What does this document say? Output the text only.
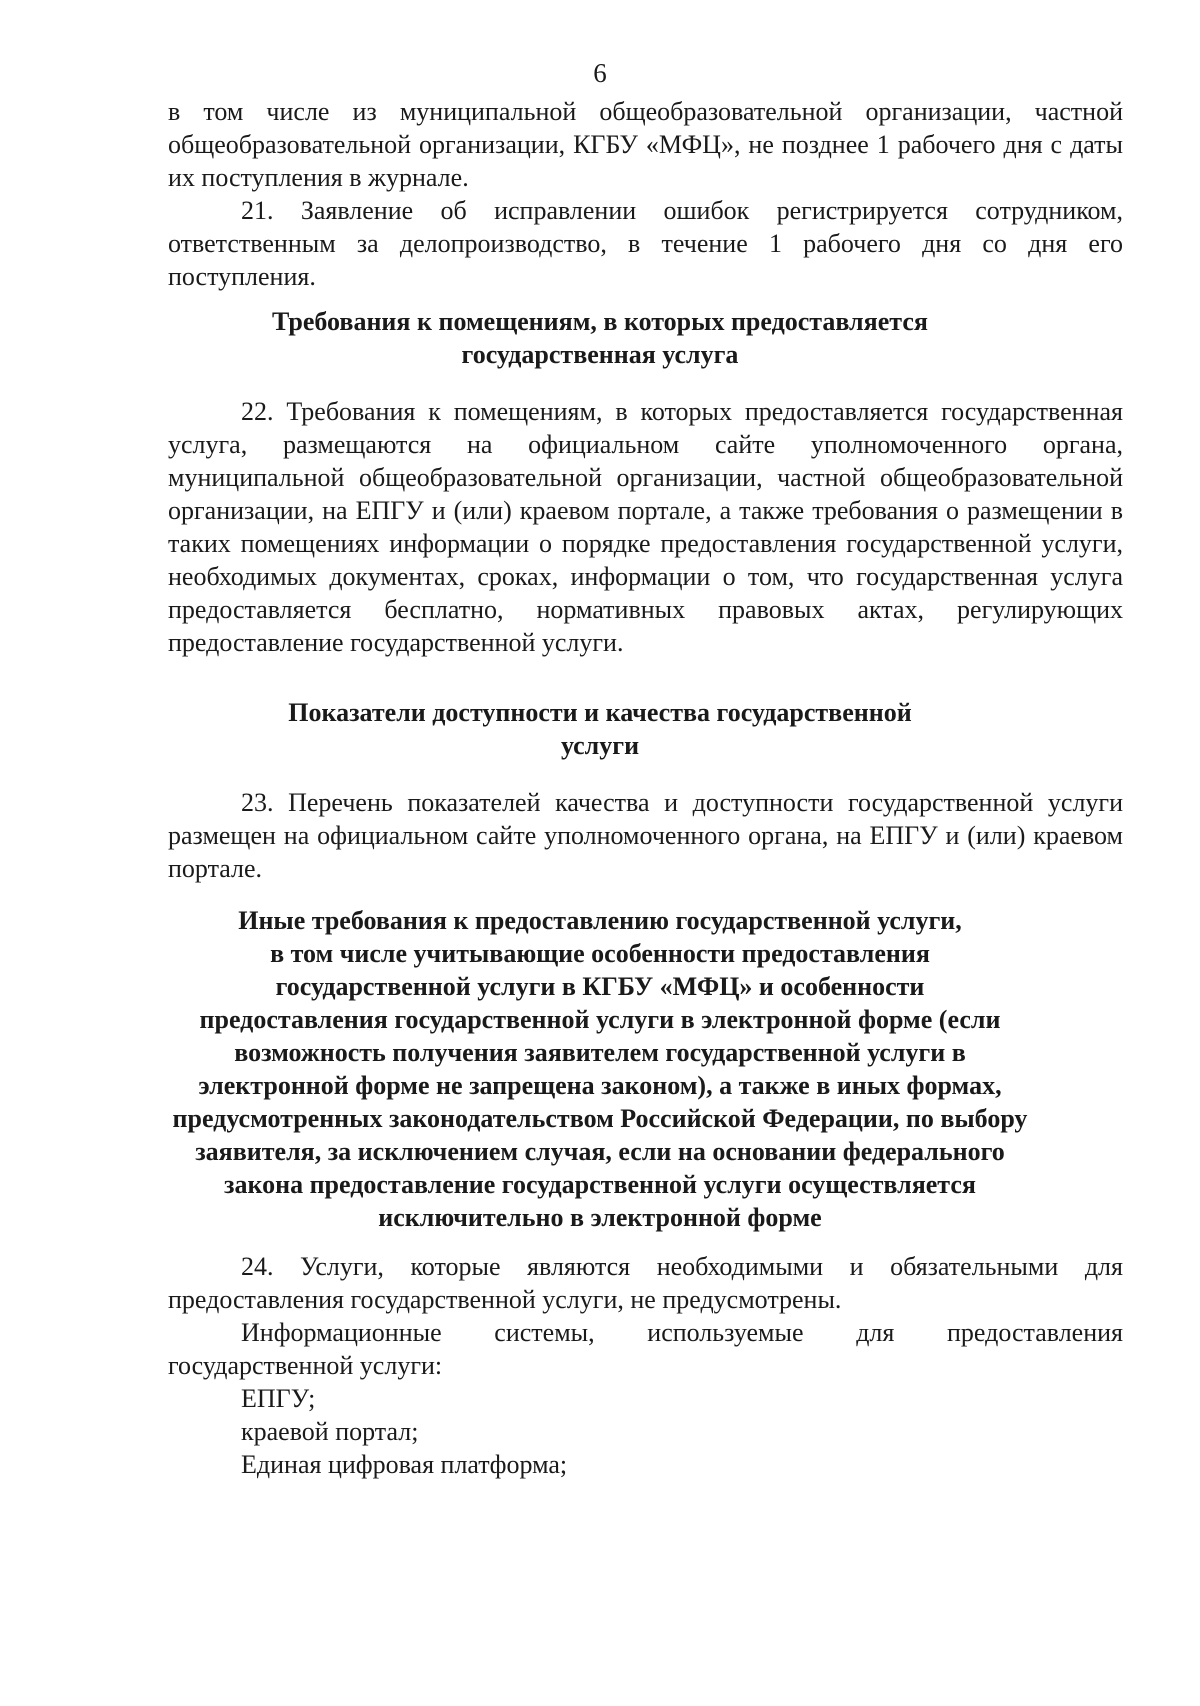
6

в том числе из муниципальной общеобразовательной организации, частной общеобразовательной организации, КГБУ «МФЦ», не позднее 1 рабочего дня с даты их поступления в журнале.

21. Заявление об исправлении ошибок регистрируется сотрудником, ответственным за делопроизводство, в течение 1 рабочего дня со дня его поступления.

Требования к помещениям, в которых предоставляется
государственная услуга

22. Требования к помещениям, в которых предоставляется государственная услуга, размещаются на официальном сайте уполномоченного органа, муниципальной общеобразовательной организации, частной общеобразовательной организации, на ЕПГУ и (или) краевом портале, а также требования о размещении в таких помещениях информации о порядке предоставления государственной услуги, необходимых документах, сроках, информации о том, что государственная услуга предоставляется бесплатно, нормативных правовых актах, регулирующих предоставление государственной услуги.

Показатели доступности и качества государственной
услуги

23. Перечень показателей качества и доступности государственной услуги размещен на официальном сайте уполномоченного органа, на ЕПГУ и (или) краевом портале.

Иные требования к предоставлению государственной услуги,
в том числе учитывающие особенности предоставления
государственной услуги в КГБУ «МФЦ» и особенности
предоставления государственной услуги в электронной форме (если
возможность получения заявителем государственной услуги в
электронной форме не запрещена законом), а также в иных формах,
предусмотренных законодательством Российской Федерации, по выбору
заявителя, за исключением случая, если на основании федерального
закона предоставление государственной услуги осуществляется
исключительно в электронной форме

24. Услуги, которые являются необходимыми и обязательными для предоставления государственной услуги, не предусмотрены.

Информационные системы, используемые для предоставления государственной услуги:

ЕПГУ;

краевой портал;

Единая цифровая платформа;
